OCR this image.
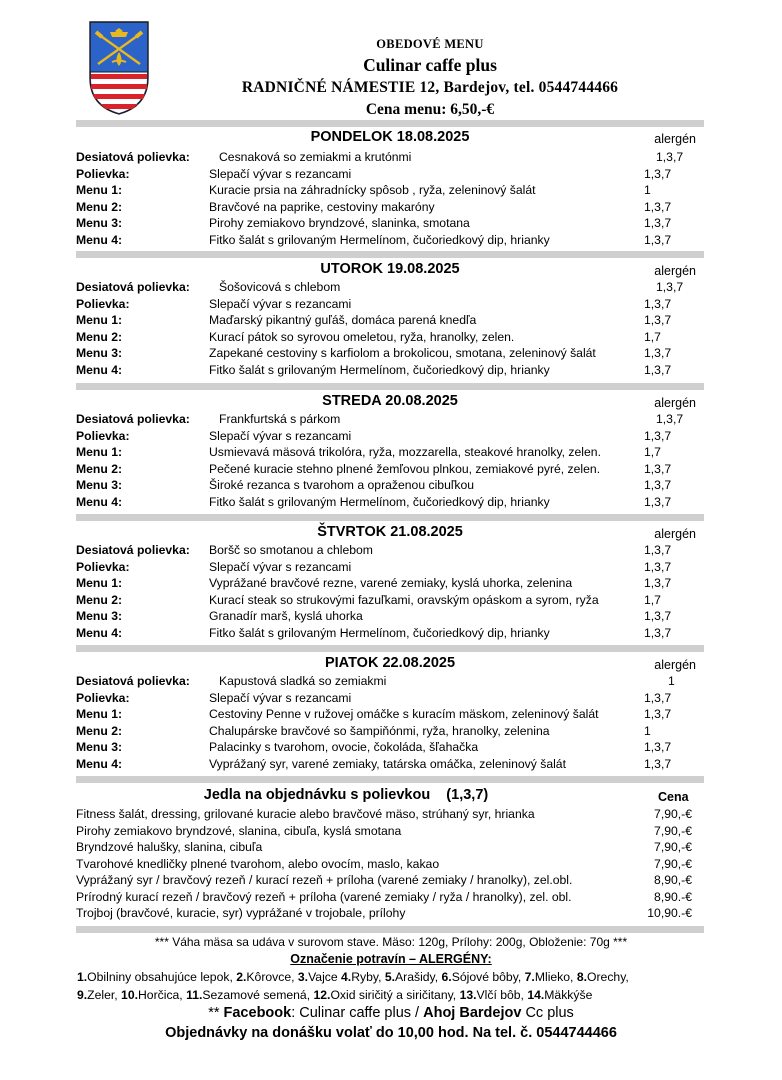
OBEDOVÉ MENU
Culinar caffe plus
RADNIČNÉ NÁMESTIE 12, Bardejov, tel. 0544744466
Cena menu: 6,50,-€
PONDELOK 18.08.2025	alergén
Desiatová polievka: Cesnaková so zemiakmi a krutónmi	1,3,7
Polievka:	Slepačí vývar s rezancami	1,3,7
Menu 1:	Kuracie prsia na záhradnícky spôsob , ryža, zeleninový šalát	1
Menu 2:	Bravčové na paprike, cestoviny makaróny	1,3,7
Menu 3:	Pirohy zemiakovo bryndzové, slaninka, smotana	1,3,7
Menu 4:	Fitko šalát s grilovaným Hermelínom, čučoriedkový dip, hrianky	1,3,7
UTOROK 19.08.2025	alergén
Desiatová polievka: Šošovicová s chlebom	1,3,7
Polievka:	Slepačí vývar s rezancami	1,3,7
Menu 1:	Maďarský pikantný guľáš, domáca parená knedľa	1,3,7
Menu 2:	Kurací pátok so syrovou omeletou, ryža, hranolky, zelen.	1,7
Menu 3:	Zapekané cestoviny s karfiolom a brokolicou, smotana, zeleninový šalát	1,3,7
Menu 4:	Fitko šalát s grilovaným Hermelínom, čučoriedkový dip, hrianky	1,3,7
STREDA 20.08.2025	alergén
Desiatová polievka: Frankfurtská s párkom	1,3,7
Polievka:	Slepačí vývar s rezancami	1,3,7
Menu 1:	Usmievavá mäsová trikolóra, ryža, mozzarella, steakové hranolky, zelen.	1,7
Menu 2:	Pečené kuracie stehno plnené žemľovou plnkou, zemiakové pyré, zelen.	1,3,7
Menu 3:	Široké rezanca s tvarohom a opraženou cibuľkou	1,3,7
Menu 4:	Fitko šalát s grilovaným Hermelínom, čučoriedkový dip, hrianky	1,3,7
ŠTVRTOK 21.08.2025	alergén
Desiatová polievka: Boršč so smotanou a chlebom	1,3,7
Polievka:	Slepačí vývar s rezancami	1,3,7
Menu 1:	Vyprážané bravčové rezne, varené zemiaky, kyslá uhorka, zelenina	1,3,7
Menu 2:	Kurací steak so strukovými fazuľkami, oravským opáskom a syrom, ryža	1,7
Menu 3:	Granadír marš, kyslá uhorka	1,3,7
Menu 4:	Fitko šalát s grilovaným Hermelínom, čučoriedkový dip, hrianky	1,3,7
PIATOK 22.08.2025	alergén
Desiatová polievka: Kapustová sladká so zemiakmi	1
Polievka:	Slepačí vývar s rezancami	1,3,7
Menu 1:	Cestoviny Penne v ružovej omáčke s kuracím mäskom, zeleninový šalát	1,3,7
Menu 2:	Chalupárske bravčové so šampiňónmi, ryža, hranolky, zelenina	1
Menu 3:	Palacinky s tvarohom, ovocie, čokoláda, šľahačka	1,3,7
Menu 4:	Vyprážaný syr, varené zemiaky, tatárska omáčka, zeleninový šalát	1,3,7
Jedla na objednávku s polievkou    (1,3,7)	Cena
Fitness šalát, dressing, grilované kuracie alebo bravčové mäso, strúhaný syr, hrianka	7,90,-€
Pirohy zemiakovo bryndzové, slanina, cibuľa, kyslá smotana	7,90,-€
Bryndzové halušky, slanina, cibuľa	7,90,-€
Tvarohové knedličky plnené tvarohom, alebo ovocím, maslo, kakao	7,90,-€
Vyprážaný syr / bravčový rezeň / kurací rezeň + príloha (varené zemiaky / hranolky), zel.obl.	8,90,-€
Prírodný kurací rezeň / bravčový rezeň + príloha (varené zemiaky / ryža / hranolky), zel. obl.	8,90.-€
Trojboj (bravčové, kuracie, syr) vyprážané v trojobale, prílohy	10,90.-€
*** Váha mäsa sa udáva v surovom stave. Mäso: 120g, Prílohy: 200g, Obloženie: 70g ***
Označenie potravín – ALERGÉNY:
1.Obilniny obsahujúce lepok, 2.Kôrovce, 3.Vajce 4.Ryby, 5.Arašidy, 6.Sójové bôby, 7.Mlieko, 8.Orechy,
9.Zeler, 10.Horčica, 11.Sezamové semená, 12.Oxid siričitý a siričitany, 13.Vlčí bôb, 14.Mäkkýše
** Facebook: Culinar caffe plus / Ahoj Bardejov Cc plus
Objednávky na donášku volať do 10,00 hod. Na tel. č. 0544744466
